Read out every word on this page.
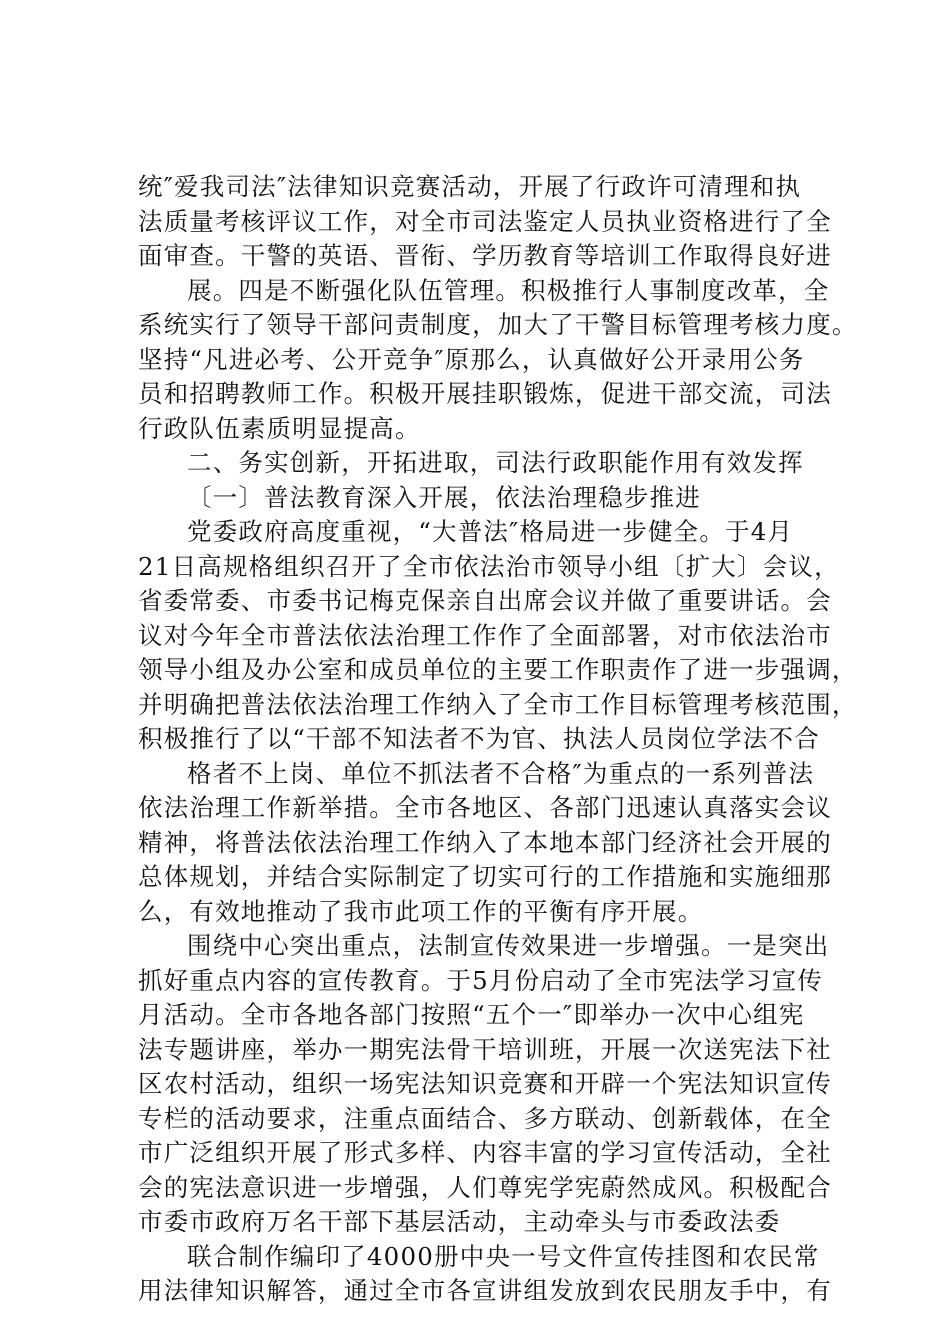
统″爱我司法″法律知识竞赛活动，开展了行政许可清理和执
法质量考核评议工作，对全市司法鉴定人员执业资格进行了全
面审查。干警的英语、晋衔、学历教育等培训工作取得良好进
展。四是不断强化队伍管理。积极推行人事制度改革，全
系统实行了领导干部问责制度，加大了干警目标管理考核力度。
坚持“凡进必考、公开竞争″原那么，认真做好公开录用公务
员和招聘教师工作。积极开展挂职锻炼，促进干部交流，司法
行政队伍素质明显提高。
二、务实创新，开拓进取，司法行政职能作用有效发挥
〔一〕普法教育深入开展，依法治理稳步推进
党委政府高度重视，“大普法″格局进一步健全。于4月
21日高规格组织召开了全市依法治市领导小组〔扩大〕会议，
省委常委、市委书记梅克保亲自出席会议并做了重要讲话。会
议对今年全市普法依法治理工作作了全面部署，对市依法治市
领导小组及办公室和成员单位的主要工作职责作了进一步强调，
并明确把普法依法治理工作纳入了全市工作目标管理考核范围，
积极推行了以“干部不知法者不为官、执法人员岗位学法不合
格者不上岗、单位不抓法者不合格″为重点的一系列普法
依法治理工作新举措。全市各地区、各部门迅速认真落实会议
精神，将普法依法治理工作纳入了本地本部门经济社会开展的
总体规划，并结合实际制定了切实可行的工作措施和实施细那
么，有效地推动了我市此项工作的平衡有序开展。
围绕中心突出重点，法制宣传效果进一步增强。一是突出
抓好重点内容的宣传教育。于5月份启动了全市宪法学习宣传
月活动。全市各地各部门按照“五个一″即举办一次中心组宪
法专题讲座，举办一期宪法骨干培训班，开展一次送宪法下社
区农村活动，组织一场宪法知识竞赛和开辟一个宪法知识宣传
专栏的活动要求，注重点面结合、多方联动、创新载体，在全
市广泛组织开展了形式多样、内容丰富的学习宣传活动，全社
会的宪法意识进一步增强，人们尊宪学宪蔚然成风。积极配合
市委市政府万名干部下基层活动，主动牵头与市委政法委
联合制作编印了4000册中央一号文件宣传挂图和农民常
用法律知识解答，通过全市各宣讲组发放到农民朋友手中，有
